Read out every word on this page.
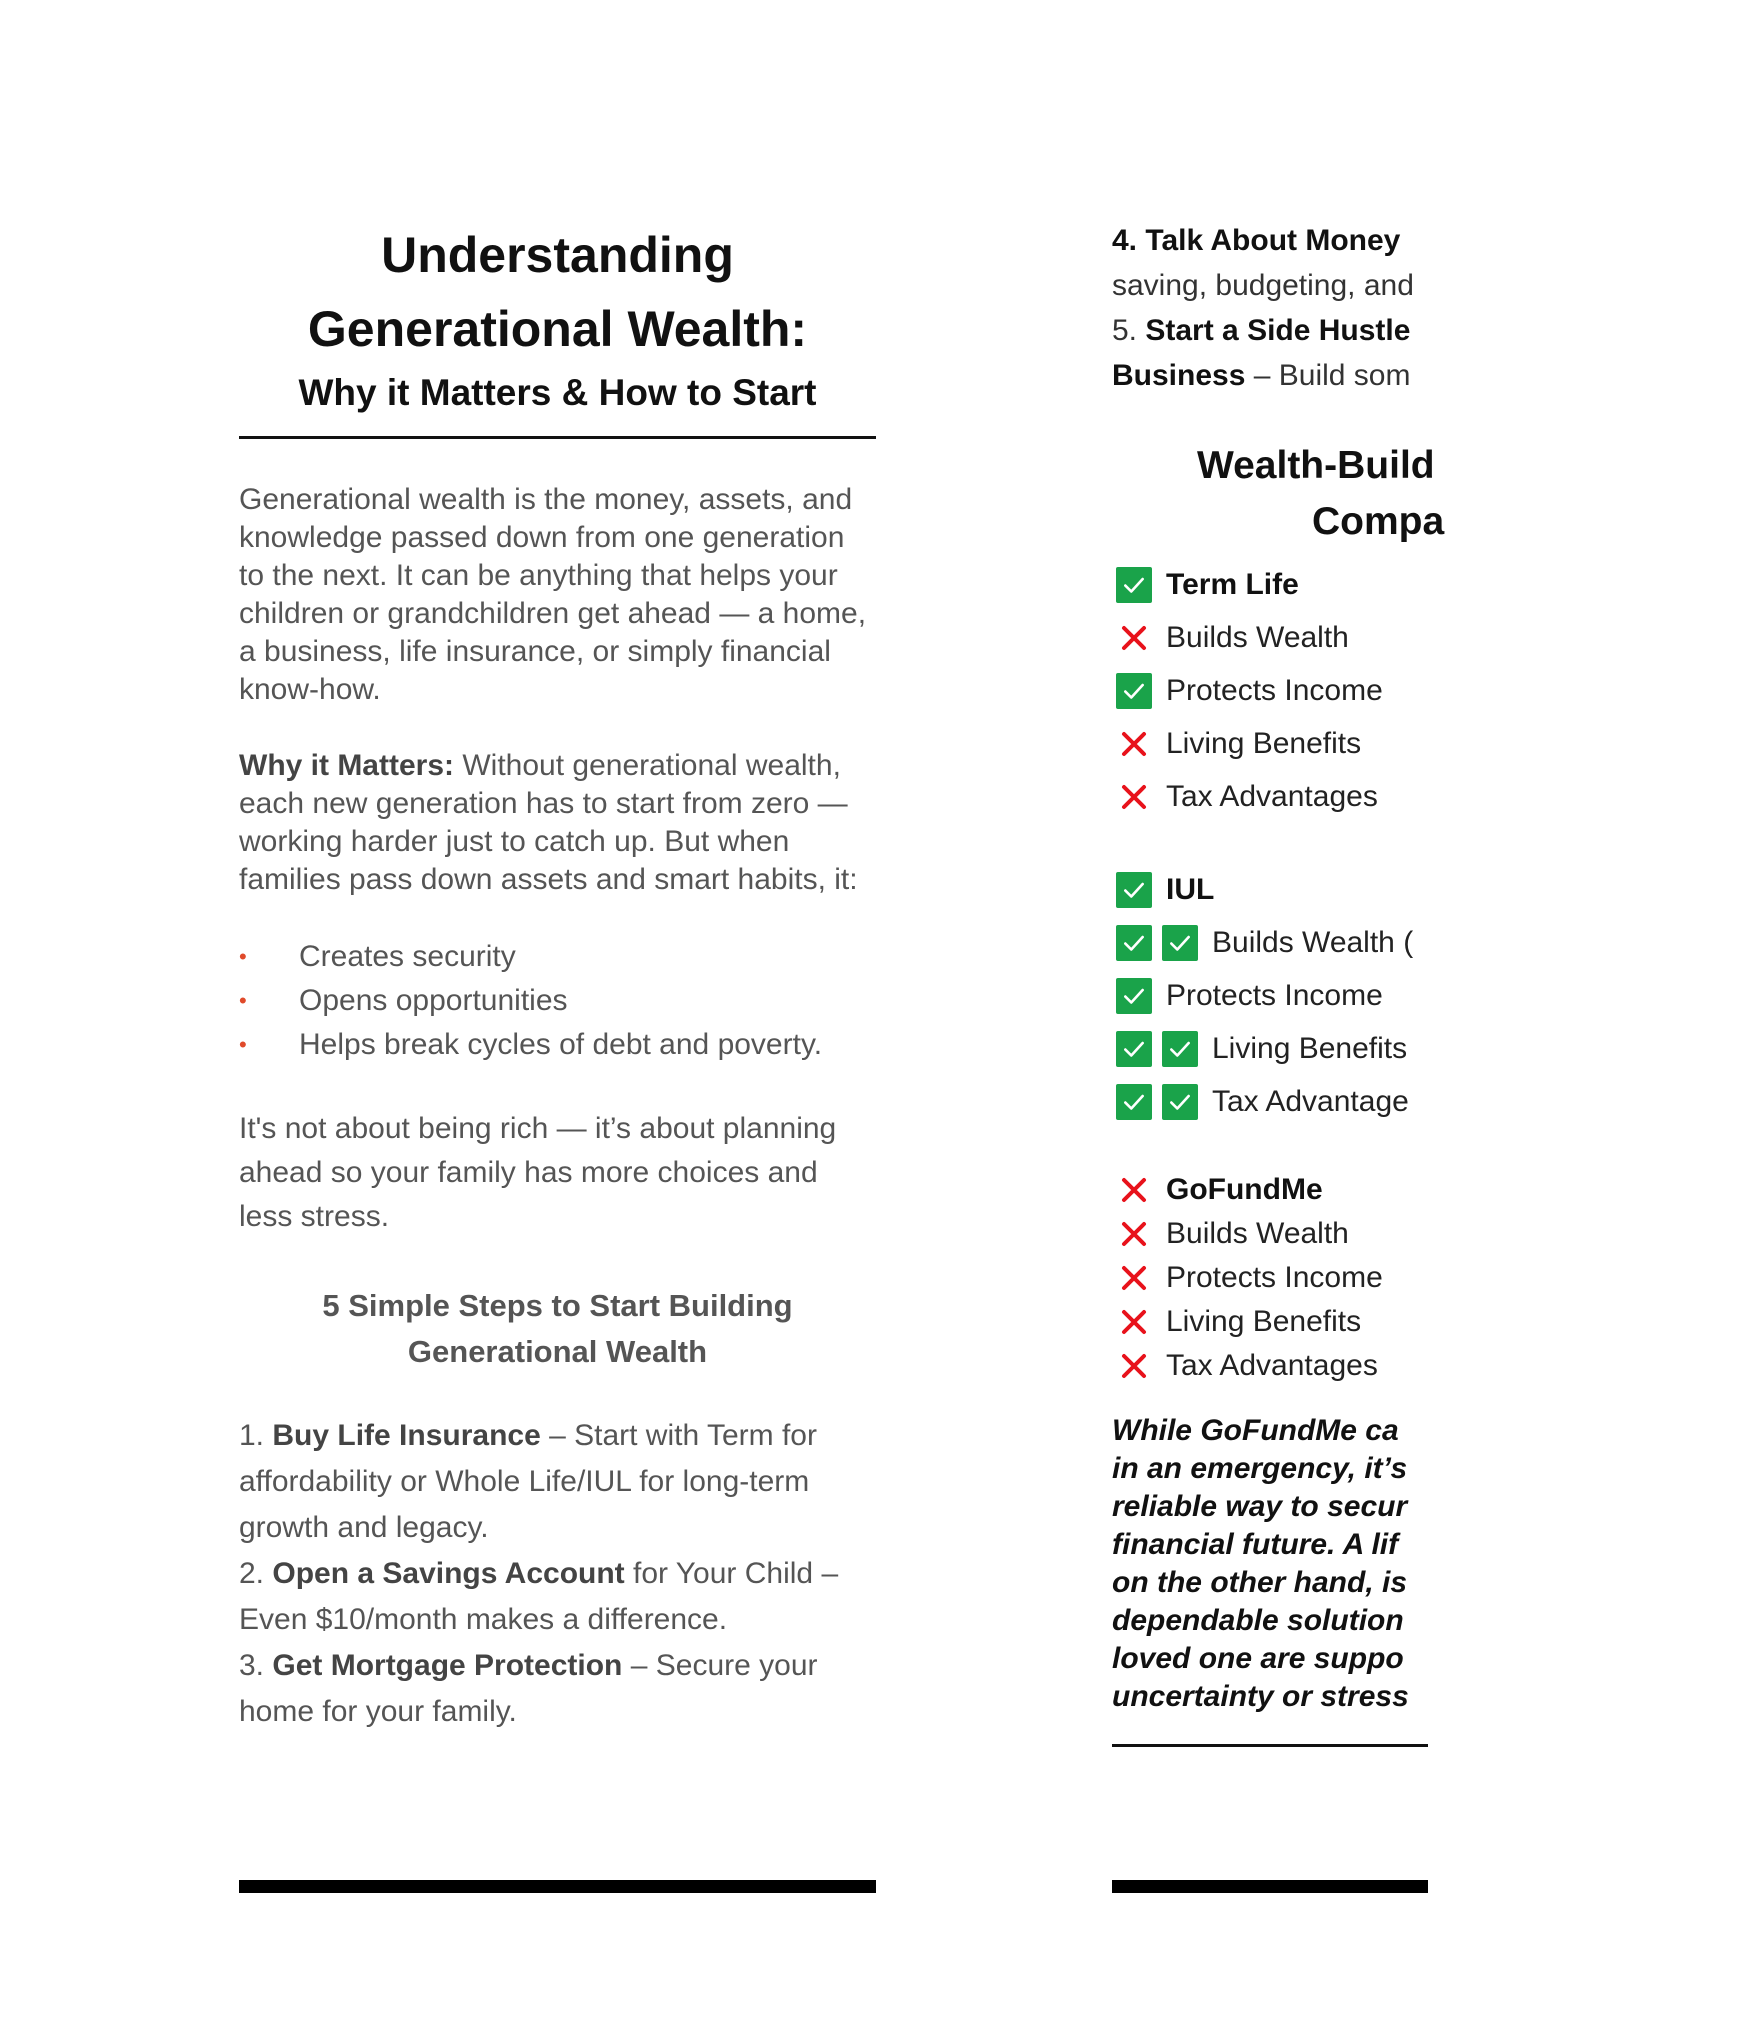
Understanding
Generational Wealth:
Why it Matters & How to Start

Generational wealth is the money, assets, and knowledge passed down from one generation to the next. It can be anything that helps your children or grandchildren get ahead — a home, a business, life insurance, or simply financial know-how.

Why it Matters: Without generational wealth, each new generation has to start from zero — working harder just to catch up. But when families pass down assets and smart habits, it:

• Creates security
• Opens opportunities
• Helps break cycles of debt and poverty.

It's not about being rich — it’s about planning ahead so your family has more choices and less stress.

5 Simple Steps to Start Building Generational Wealth

1. Buy Life Insurance – Start with Term for affordability or Whole Life/IUL for long-term growth and legacy.

2. Open a Savings Account for Your Child – Even $10/month makes a difference.

3. Get Mortgage Protection – Secure your home for your family.

4. Talk About Money
saving, budgeting, and
5. Start a Side Hustle
Business – Build som
Wealth-Build
Compa
Term Life
Builds Wealth
Protects Income
Living Benefits
Tax Advantages
IUL
Builds Wealth (
Protects Income
Living Benefits
Tax Advantage
GoFundMe
Builds Wealth
Protects Income
Living Benefits
Tax Advantages
While GoFundMe ca
in an emergency, it’s
reliable way to secur
financial future. A lif
on the other hand, is
dependable solution
loved one are suppo
uncertainty or stress
